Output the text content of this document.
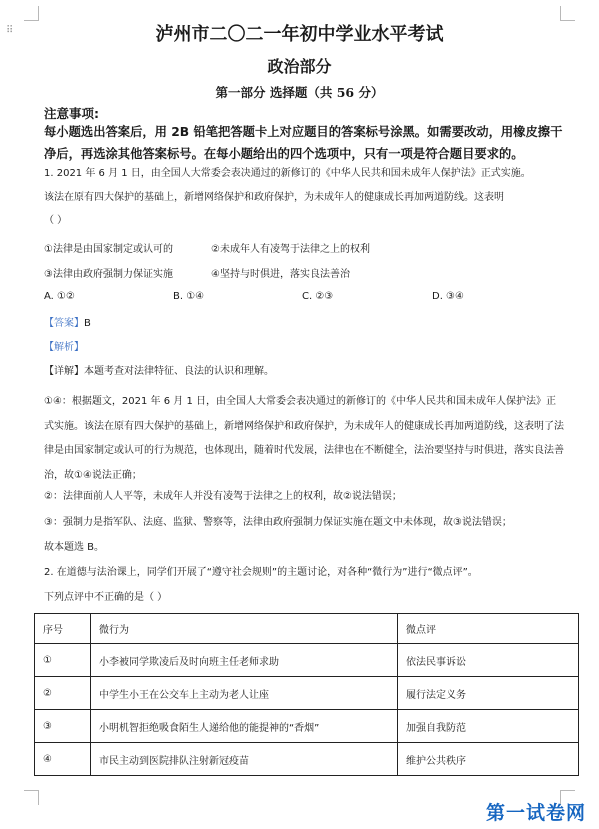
⠿	泸州市二〇二一年初中学业水平考试
政治部分
第一部分 选择题（共 56 分）
注意事项:
每小题选出答案后，用 2B 铅笔把答题卡上对应题目的答案标号涂黑。如需要改动，用橡皮擦干净后，再选涂其他答案标号。在每小题给出的四个选项中，只有一项是符合题目要求的。
1. 2021 年 6 月 1 日，由全国人大常委会表决通过的新修订的《中华人民共和国未成年人保护法》正式实施。
该法在原有四大保护的基础上，新增网络保护和政府保护，为未成年人的健康成长再加两道防线。这表明
（ ）
①法律是由国家制定或认可的	②未成年人有凌驾于法律之上的权利
③法律由政府强制力保证实施	④坚持与时俱进，落实良法善治
A. ①②	B. ①④	C. ②③	D. ③④
【答案】B
【解析】
【详解】本题考查对法律特征、良法的认识和理解。
①④：根据题文，2021 年 6 月 1 日，由全国人大常委会表决通过的新修订的《中华人民共和国未成年人保护法》正式实施。该法在原有四大保护的基础上，新增网络保护和政府保护，为未成年人的健康成长再加两道防线，这表明了法律是由国家制定或认可的行为规范，也体现出，随着时代发展，法律也在不断健全，法治要坚持与时俱进，落实良法善治，故①④说法正确；
②：法律面前人人平等，未成年人并没有凌驾于法律之上的权利，故②说法错误；
③：强制力是指军队、法庭、监狱、警察等，法律由政府强制力保证实施在题文中未体现，故③说法错误；
故本题选 B。
2. 在道德与法治课上，同学们开展了“遵守社会规则”的主题讨论，对各种“微行为”进行“微点评”。
下列点评中不正确的是（ ）
序号	微行为	微点评
①	小李被同学欺凌后及时向班主任老师求助	依法民事诉讼
②	中学生小王在公交车上主动为老人让座	履行法定义务
③	小明机智拒绝吸食陌生人递给他的能提神的“香烟”	加强自我防范
④	市民主动到医院排队注射新冠疫苗	维护公共秩序
第一试卷网
